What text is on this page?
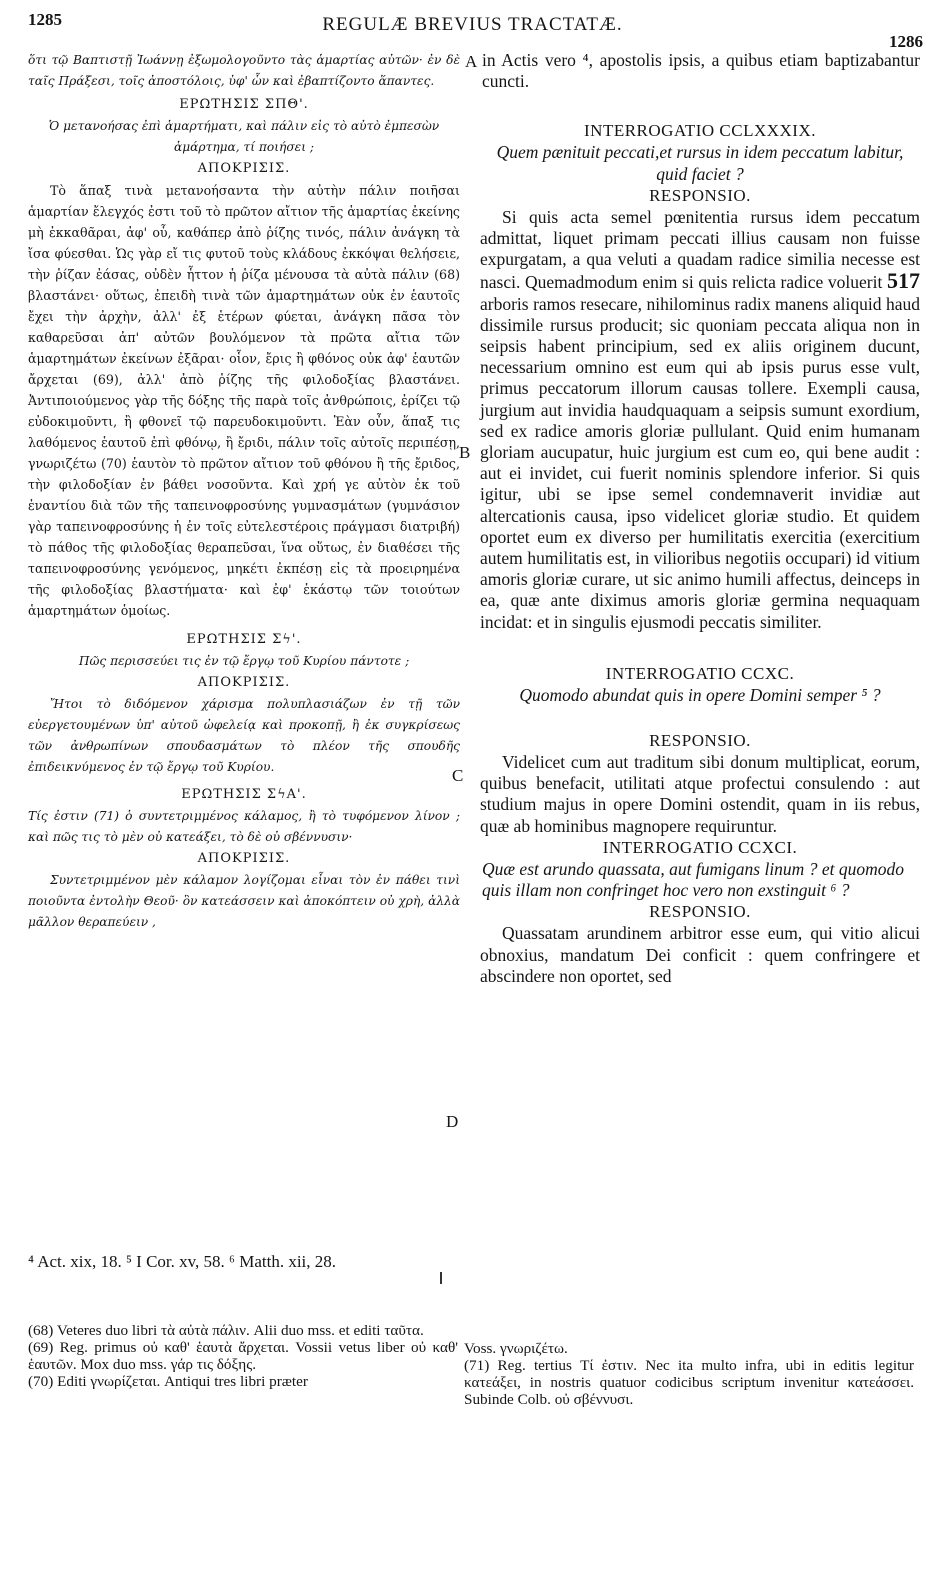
1285	REGULÆ BREVIUS TRACTATÆ.
1286
A
B
C
D

ὅτι τῷ Βαπτιστῇ Ἰωάννῃ ἐξωμολογοῦντο τὰς ἁμαρτίας αὐτῶν· ἐν δὲ ταῖς Πράξεσι, τοῖς ἀποστόλοις, ὑφ' ὧν καὶ ἐβαπτίζοντο ἅπαντες.

ΕΡΩΤΗΣΙΣ ΣΠΘ'.

Ὁ μετανοήσας ἐπὶ ἁμαρτήματι, καὶ πάλιν εἰς τὸ αὐτὸ ἐμπεσὼν ἁμάρτημα, τί ποιήσει ;

ΑΠΟΚΡΙΣΙΣ.

Τὸ ἅπαξ τινὰ μετανοήσαντα τὴν αὐτὴν πάλιν ποιῆσαι ἁμαρτίαν ἔλεγχός ἐστι τοῦ τὸ πρῶτον αἴτιον τῆς ἁμαρτίας ἐκείνης μὴ ἐκκαθᾶραι, ἀφ' οὗ, καθάπερ ἀπὸ ῥίζης τινός, πάλιν ἀνάγκη τὰ ἴσα φύεσθαι. Ὡς γὰρ εἴ τις φυτοῦ τοὺς κλάδους ἐκκόψαι θελήσειε, τὴν ῥίζαν ἐάσας, οὐδὲν ἧττον ἡ ῥίζα μένουσα τὰ αὐτὰ πάλιν (68) βλαστάνει· οὕτως, ἐπειδὴ τινὰ τῶν ἁμαρτημάτων οὐκ ἐν ἑαυτοῖς ἔχει τὴν ἀρχὴν, ἀλλ' ἐξ ἑτέρων φύεται, ἀνάγκη πᾶσα τὸν καθαρεῦσαι ἀπ' αὐτῶν βουλόμενον τὰ πρῶτα αἴτια τῶν ἁμαρτημάτων ἐκείνων ἐξᾶραι· οἷον, ἔρις ἢ φθόνος οὐκ ἀφ' ἑαυτῶν ἄρχεται (69), ἀλλ' ἀπὸ ῥίζης τῆς φιλοδοξίας βλαστάνει. Ἀντιποιούμενος γὰρ τῆς δόξης τῆς παρὰ τοῖς ἀνθρώποις, ἐρίζει τῷ εὐδοκιμοῦντι, ἢ φθονεῖ τῷ παρευδοκιμοῦντι. Ἐὰν οὖν, ἅπαξ τις λαθόμενος ἑαυτοῦ ἐπὶ φθόνῳ, ἢ ἔριδι, πάλιν τοῖς αὐτοῖς περιπέσῃ, γνωριζέτω (70) ἑαυτὸν τὸ πρῶτον αἴτιον τοῦ φθόνου ἢ τῆς ἔριδος, τὴν φιλοδοξίαν ἐν βάθει νοσοῦντα. Καὶ χρή γε αὐτὸν ἐκ τοῦ ἐναντίου διὰ τῶν τῆς ταπεινοφροσύνης γυμνασμάτων (γυμνάσιον γὰρ ταπεινοφροσύνης ἡ ἐν τοῖς εὐτελεστέροις πράγμασι διατριβή) τὸ πάθος τῆς φιλοδοξίας θεραπεῦσαι, ἵνα οὕτως, ἐν διαθέσει τῆς ταπεινοφροσύνης γενόμενος, μηκέτι ἐκπέσῃ εἰς τὰ προειρημένα τῆς φιλοδοξίας βλαστήματα· καὶ ἐφ' ἑκάστῳ τῶν τοιούτων ἁμαρτημάτων ὁμοίως.

ΕΡΩΤΗΣΙΣ Σϟ'.

Πῶς περισσεύει τις ἐν τῷ ἔργῳ τοῦ Κυρίου πάντοτε ;

ΑΠΟΚΡΙΣΙΣ.

Ἤτοι τὸ διδόμενον χάρισμα πολυπλασιάζων ἐν τῇ τῶν εὐεργετουμένων ὑπ' αὐτοῦ ὠφελείᾳ καὶ προκοπῇ, ἢ ἐκ συγκρίσεως τῶν ἀνθρωπίνων σπουδασμάτων τὸ πλέον τῆς σπουδῆς ἐπιδεικνύμενος ἐν τῷ ἔργῳ τοῦ Κυρίου.

ΕΡΩΤΗΣΙΣ ΣϟΑ'.

Τίς ἐστιν (71) ὁ συντετριμμένος κάλαμος, ἢ τὸ τυφόμενον λίνον ; καὶ πῶς τις τὸ μὲν οὐ κατεάξει, τὸ δὲ οὐ σβέννυσιν·

ΑΠΟΚΡΙΣΙΣ.

Συντετριμμένον μὲν κάλαμον λογίζομαι εἶναι τὸν ἐν πάθει τινὶ ποιοῦντα ἐντολὴν Θεοῦ· ὃν κατεάσσειν καὶ ἀποκόπτειν οὐ χρὴ, ἀλλὰ μᾶλλον θεραπεύειν ,

in Actis vero ⁴, apostolis ipsis, a quibus etiam baptizabantur cuncti.

INTERROGATIO CCLXXXIX.

Quem pænituit peccati,et rursus in idem peccatum labitur, quid faciet ?

RESPONSIO.

Si quis acta semel pœnitentia rursus idem peccatum admittat, liquet primam peccati illius causam non fuisse expurgatam, a qua veluti a quadam radice similia necesse est nasci. Quemadmodum enim si quis relicta radice voluerit 517 arboris ramos resecare, nihilominus radix manens aliquid haud dissimile rursus producit; sic quoniam peccata aliqua non in seipsis habent principium, sed ex aliis originem ducunt, necessarium omnino est eum qui ab ipsis purus esse vult, primus peccatorum illorum causas tollere. Exempli causa, jurgium aut invidia haudquaquam a seipsis sumunt exordium, sed ex radice amoris gloriæ pullulant. Quid enim humanam gloriam aucupatur, huic jurgium est cum eo, qui bene audit : aut ei invidet, cui fuerit nominis splendore inferior. Si quis igitur, ubi se ipse semel condemnaverit invidiæ aut altercationis causa, ipso videlicet gloriæ studio. Et quidem oportet eum ex diverso per humilitatis exercitia (exercitium autem humilitatis est, in vilioribus negotiis occupari) id vitium amoris gloriæ curare, ut sic animo humili affectus, deinceps in ea, quæ ante diximus amoris gloriæ germina nequaquam incidat: et in singulis ejusmodi peccatis similiter.

INTERROGATIO CCXC.

Quomodo abundat quis in opere Domini semper ⁵ ?

RESPONSIO.

Videlicet cum aut traditum sibi donum multiplicat, eorum, quibus benefacit, utilitati atque profectui consulendo : aut studium majus in opere Domini ostendit, quam in iis rebus, quæ ab hominibus magnopere requiruntur.

INTERROGATIO CCXCI.

Quæ est arundo quassata, aut fumigans linum ? et quomodo quis illam non confringet hoc vero non exstinguit ⁶ ?

RESPONSIO.

Quassatam arundinem arbitror esse eum, qui vitio alicui obnoxius, mandatum Dei conficit : quem confringere et abscindere non oportet, sed

⁴ Act. xix, 18. ⁵ I Cor. xv, 58. ⁶ Matth. xii, 28.

(68) Veteres duo libri τὰ αὐτὰ πάλιν. Alii duo mss. et editi ταῦτα.

(69) Reg. primus οὐ καθ' ἑαυτὰ ἄρχεται. Vossii vetus liber οὐ καθ' ἑαυτῶν. Mox duo mss. γάρ τις δόξης.

(70) Editi γνωρίζεται. Antiqui tres libri præter

Voss. γνωριζέτω.

(71) Reg. tertius Τί ἐστιν. Nec ita multo infra, ubi in editis legitur κατεάξει, in nostris quatuor codicibus scriptum invenitur κατεάσσει. Subinde Colb. οὐ σβέννυσι.
